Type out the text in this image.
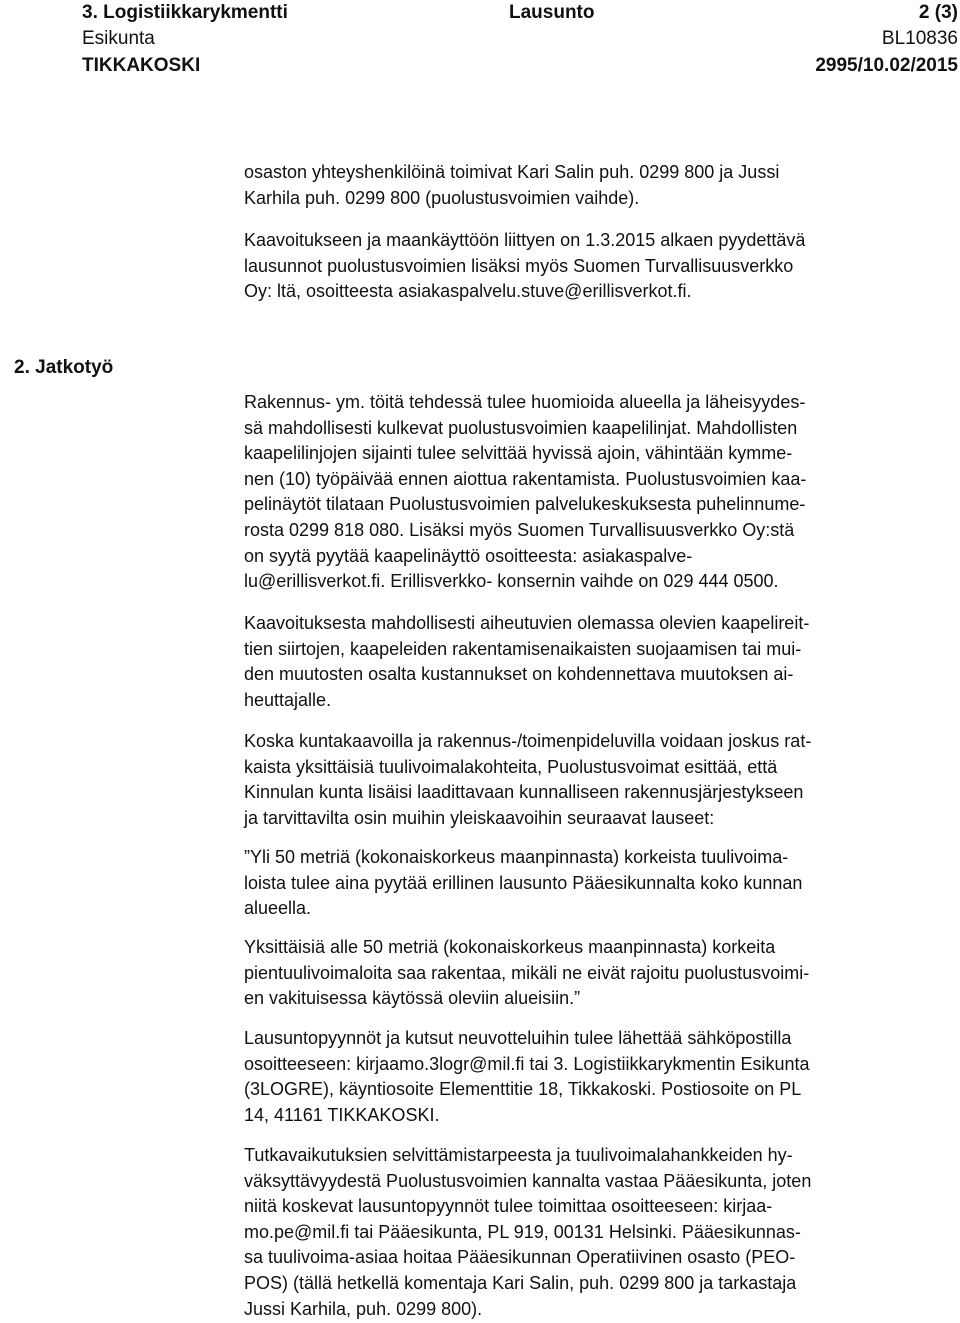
3. Logistiikkarykmentti	Lausunto	2 (3)
Esikunta	BL10836
TIKKAKOSKI	2995/10.02/2015
osaston yhteyshenkilöinä toimivat Kari Salin puh. 0299 800 ja Jussi
Karhila puh. 0299 800 (puolustusvoimien vaihde).
Kaavoitukseen ja maankäyttöön liittyen on 1.3.2015 alkaen pyydettävä
lausunnot puolustusvoimien lisäksi myös Suomen Turvallisuusverkko
Oy: ltä, osoitteesta asiakaspalvelu.stuve@erillisverkot.fi.
2. Jatkotyö
Rakennus- ym. töitä tehdessä tulee huomioida alueella ja läheisyydes-
sä mahdollisesti kulkevat puolustusvoimien kaapelilinjat. Mahdollisten
kaapelilinjojen sijainti tulee selvittää hyvissä ajoin, vähintään kymme-
nen (10) työpäivää ennen aiottua rakentamista. Puolustusvoimien kaa-
pelinäytöt tilataan Puolustusvoimien palvelukeskuksesta puhelinnume-
rosta 0299 818 080. Lisäksi myös Suomen Turvallisuusverkko Oy:stä
on syytä pyytää kaapelinäyttö osoitteesta: asiakaspalve-
lu@erillisverkot.fi. Erillisverkko- konsernin vaihde on 029 444 0500.
Kaavoituksesta mahdollisesti aiheutuvien olemassa olevien kaapelireit-
tien siirtojen, kaapeleiden rakentamisenaikaisten suojaamisen tai mui-
den muutosten osalta kustannukset on kohdennettava muutoksen ai-
heuttajalle.
Koska kuntakaavoilla ja rakennus-/toimenpideluvilla voidaan joskus rat-
kaista yksittäisiä tuulivoimalakohteita, Puolustusvoimat esittää, että
Kinnulan kunta lisäisi laadittavaan kunnalliseen rakennusjärjestykseen
ja tarvittavilta osin muihin yleiskaavoihin seuraavat lauseet:
”Yli 50 metriä (kokonaiskorkeus maanpinnasta) korkeista tuulivoima-
loista tulee aina pyytää erillinen lausunto Pääesikunnalta koko kunnan
alueella.
Yksittäisiä alle 50 metriä (kokonaiskorkeus maanpinnasta) korkeita
pientuulivoimaloita saa rakentaa, mikäli ne eivät rajoitu puolustusvoimi-
en vakituisessa käytössä oleviin alueisiin.”
Lausuntopyynnöt ja kutsut neuvotteluihin tulee lähettää sähköpostilla
osoitteeseen: kirjaamo.3logr@mil.fi tai 3. Logistiikkarykmentin Esikunta
(3LOGRE), käyntiosoite Elementtitie 18, Tikkakoski. Postiosoite on PL
14, 41161 TIKKAKOSKI.
Tutkavaikutuksien selvittämistarpeesta ja tuulivoimalahankkeiden hy-
väksyttävyydestä Puolustusvoimien kannalta vastaa Pääesikunta, joten
niitä koskevat lausuntopyynnöt tulee toimittaa osoitteeseen: kirjaa-
mo.pe@mil.fi tai Pääesikunta, PL 919, 00131 Helsinki. Pääesikunnas-
sa tuulivoima-asiaa hoitaa Pääesikunnan Operatiivinen osasto (PEO-
POS) (tällä hetkellä komentaja Kari Salin, puh. 0299 800 ja tarkastaja
Jussi Karhila, puh. 0299 800).
